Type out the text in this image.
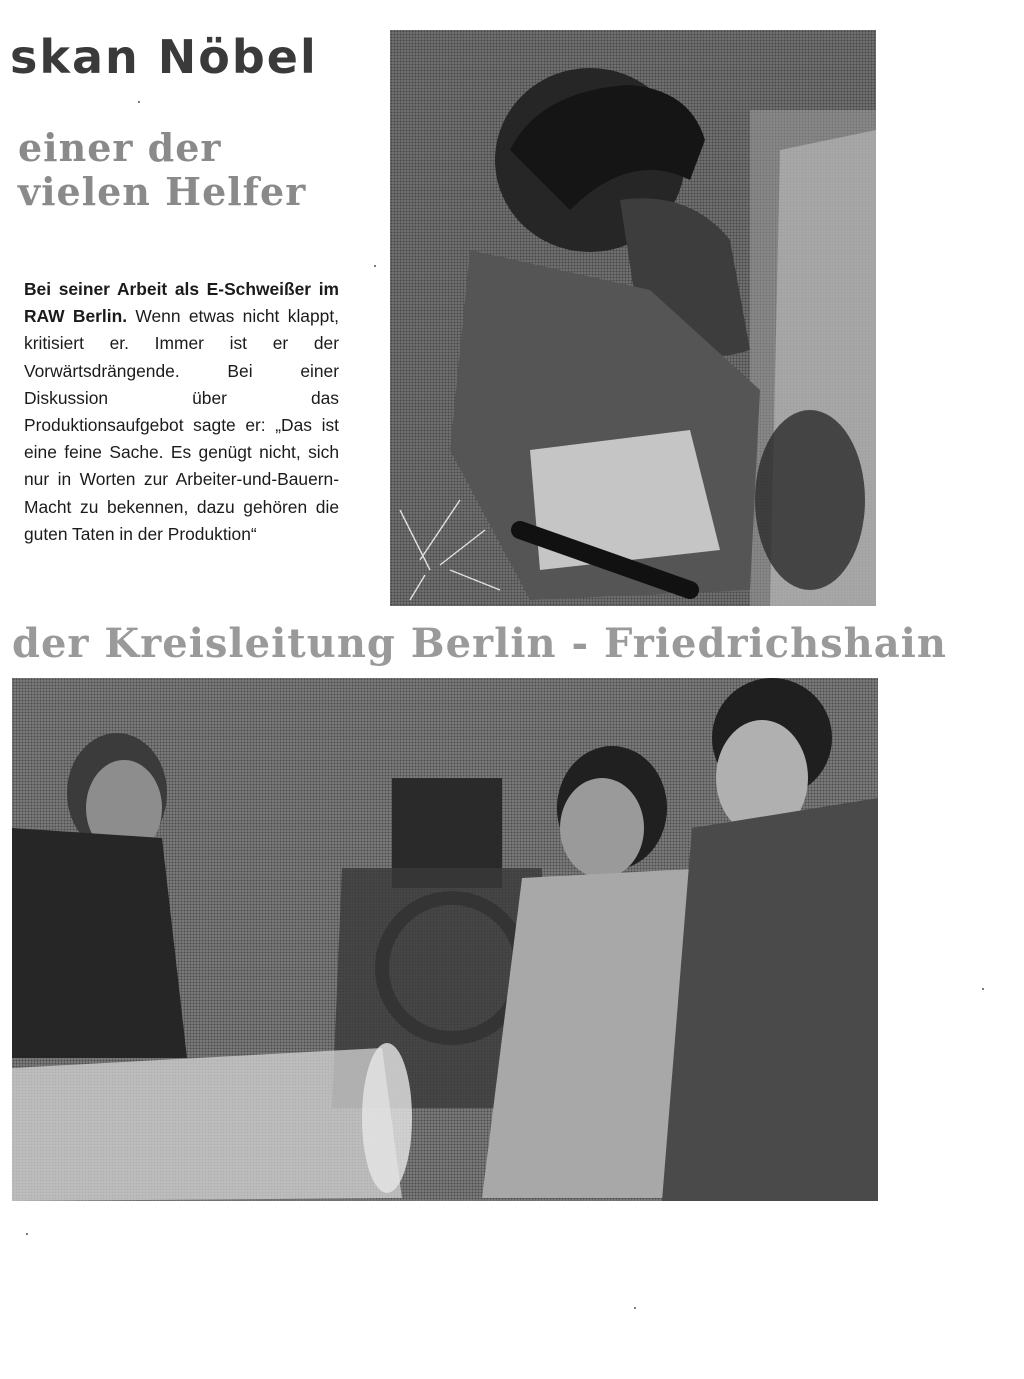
skan Nöbel
einer der
vielen Helfer
Bei seiner Arbeit als E-Schweißer im RAW Berlin. Wenn etwas nicht klappt, kritisiert er. Immer ist er der Vorwärtsdrängende. Bei einer Diskussion über das Produktionsaufgebot sagte er: „Das ist eine feine Sache. Es genügt nicht, sich nur in Worten zur Arbeiter-und-Bauern-Macht zu bekennen, dazu gehören die guten Taten in der Produktion“
der Kreisleitung Berlin - Friedrichshain
